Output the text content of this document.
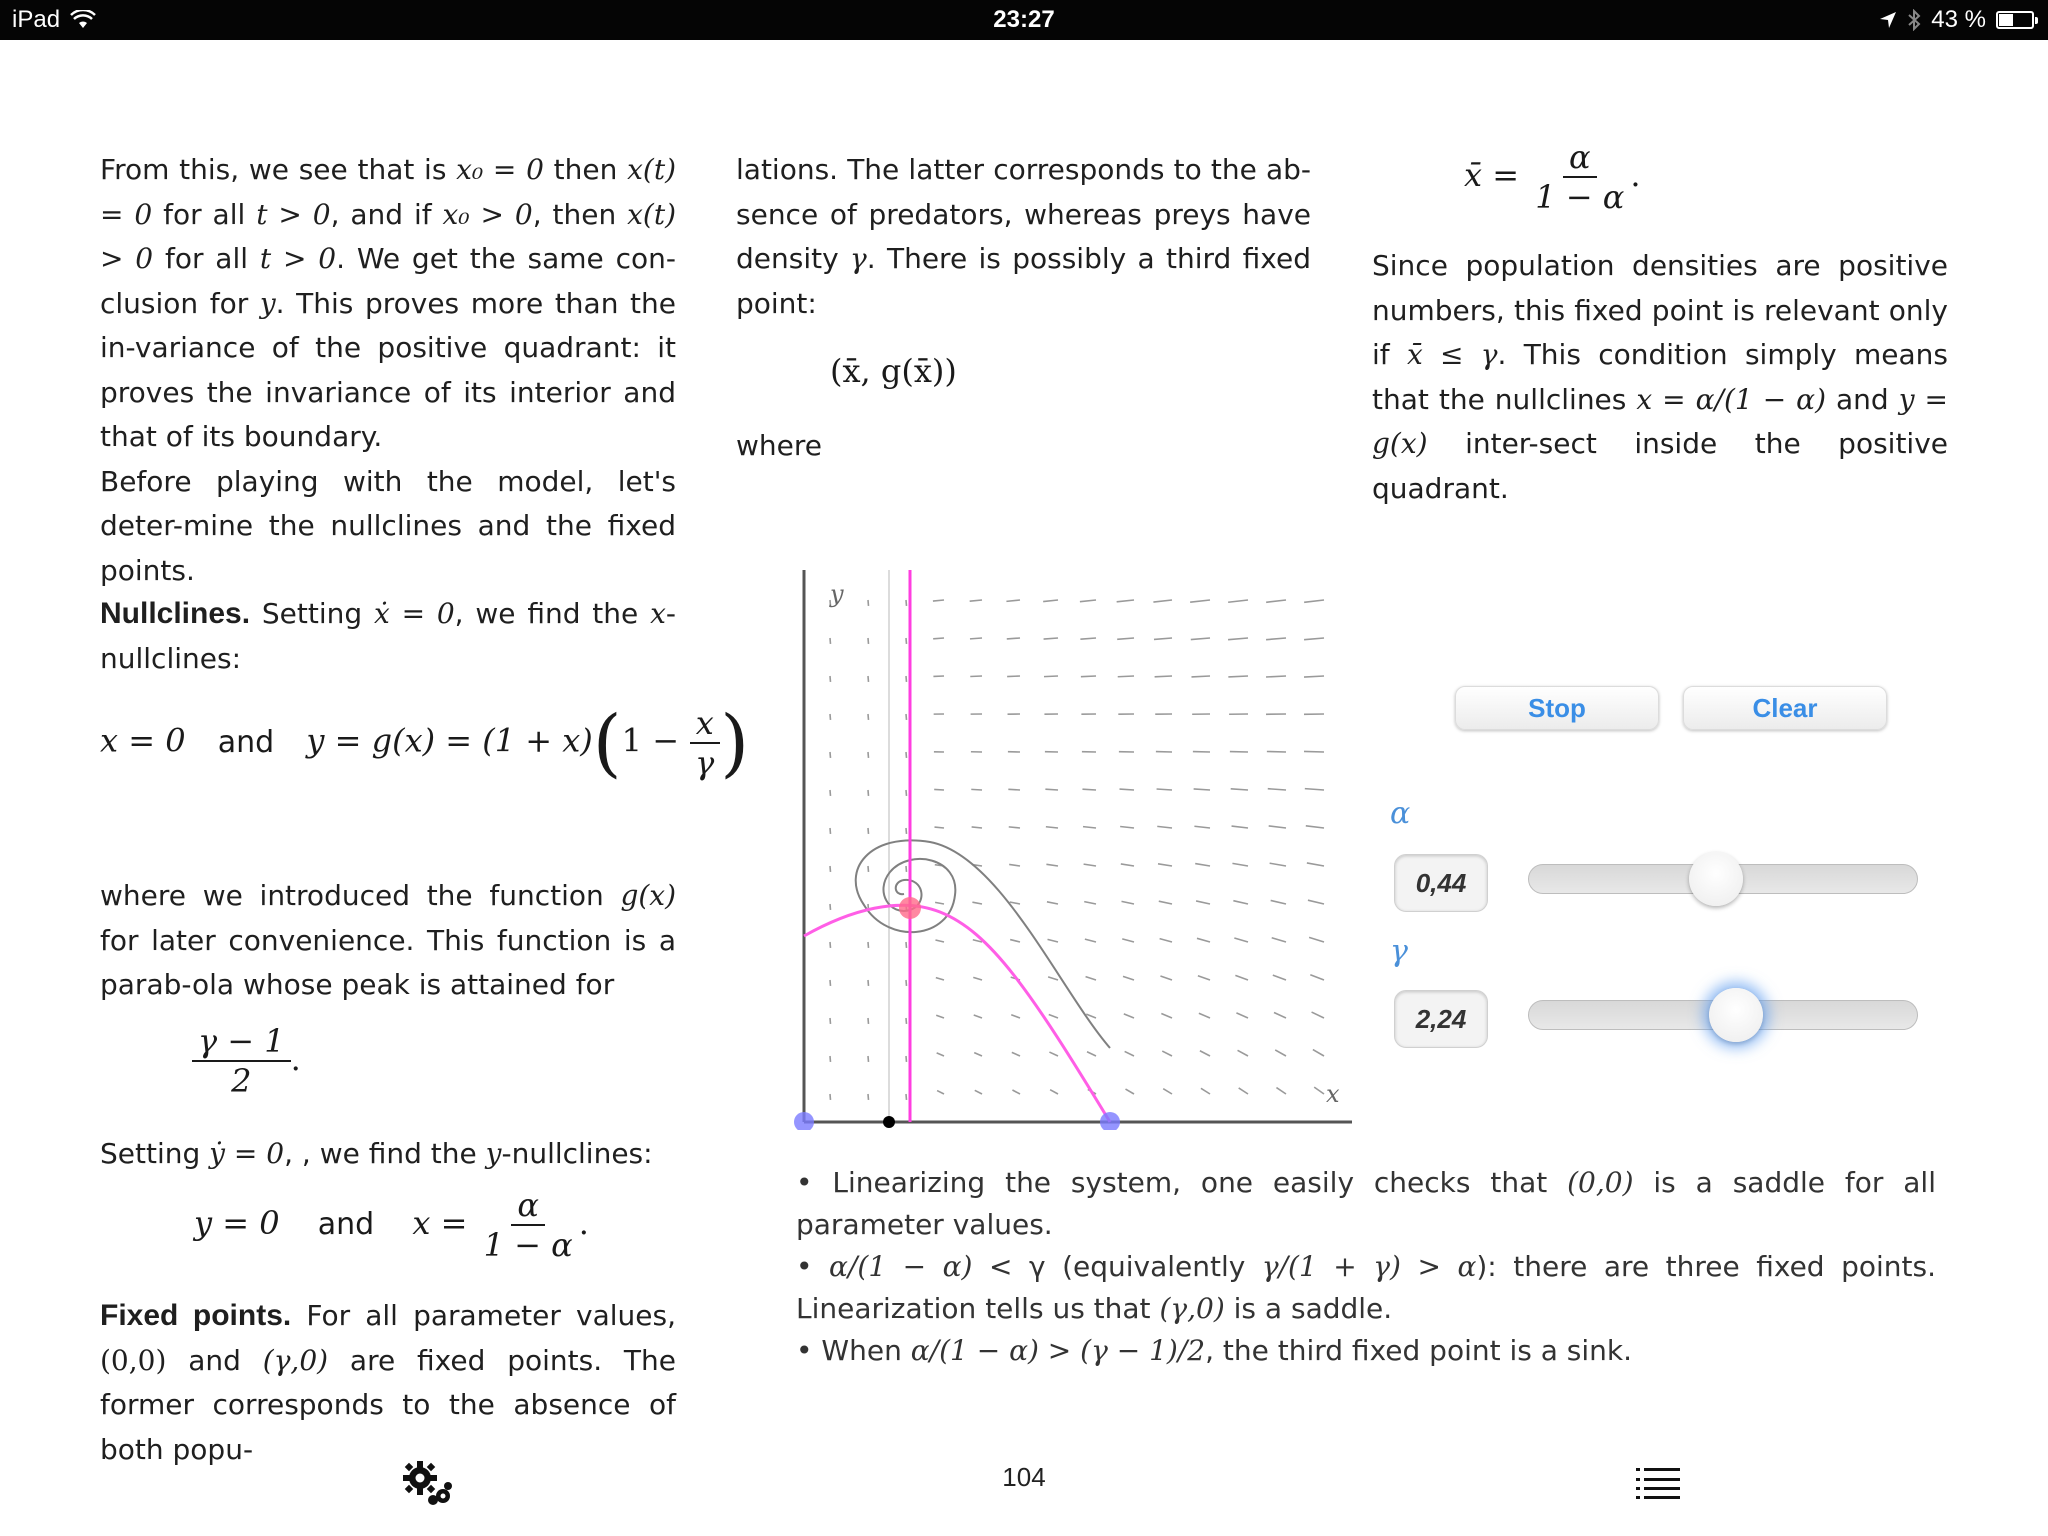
iPad	23:27	43 %

From this, we see that is x₀ = 0 then x(t) = 0 for all t > 0, and if x₀ > 0, then x(t) > 0 for all t > 0. We get the same con-clusion for y. This proves more than the in-variance of the positive quadrant: it proves the invariance of its interior and that of its boundary.

Before playing with the model, let's deter-mine the nullclines and the fixed points.

Nullclines. Setting ẋ = 0, we find the x-nullclines:

x = 0 and $y = g(x) = (1 + x)(1 - \frac{x}{\gamma}$ )

where we introduced the function g(x) for later convenience. This function is a parab-ola whose peak is attained for

$\frac{\gamma - 1}{2}$ .

Setting ẏ = 0, , we find the y-nullclines:

y = 0 and $x = \frac{\alpha}{1 - \alpha}$ .

Fixed points. For all parameter values, (0,0) and (γ,0) are fixed points. The former corresponds to the absence of both popu-

lations. The latter corresponds to the ab-sence of predators, whereas preys have density γ. There is possibly a third fixed point:

(x̄, g(x̄))

where

x̄ = $\frac{\alpha}{1 - \alpha}$ .

Since population densities are positive numbers, this fixed point is relevant only if x̄ ≤ γ. This condition simply means that the nullclines x = α/(1 − α) and y = g(x) inter-sect inside the positive quadrant.

y
x
Stop	Clear
α
0,44
γ
2,24

• Linearizing the system, one easily checks that (0,0) is a saddle for all parameter values.

• α/(1 − α) < γ (equivalently γ/(1 + γ) > α): there are three fixed points. Linearization tells us that (γ,0) is a saddle.

• When α/(1 − α) > (γ − 1)/2, the third fixed point is a sink.

104
